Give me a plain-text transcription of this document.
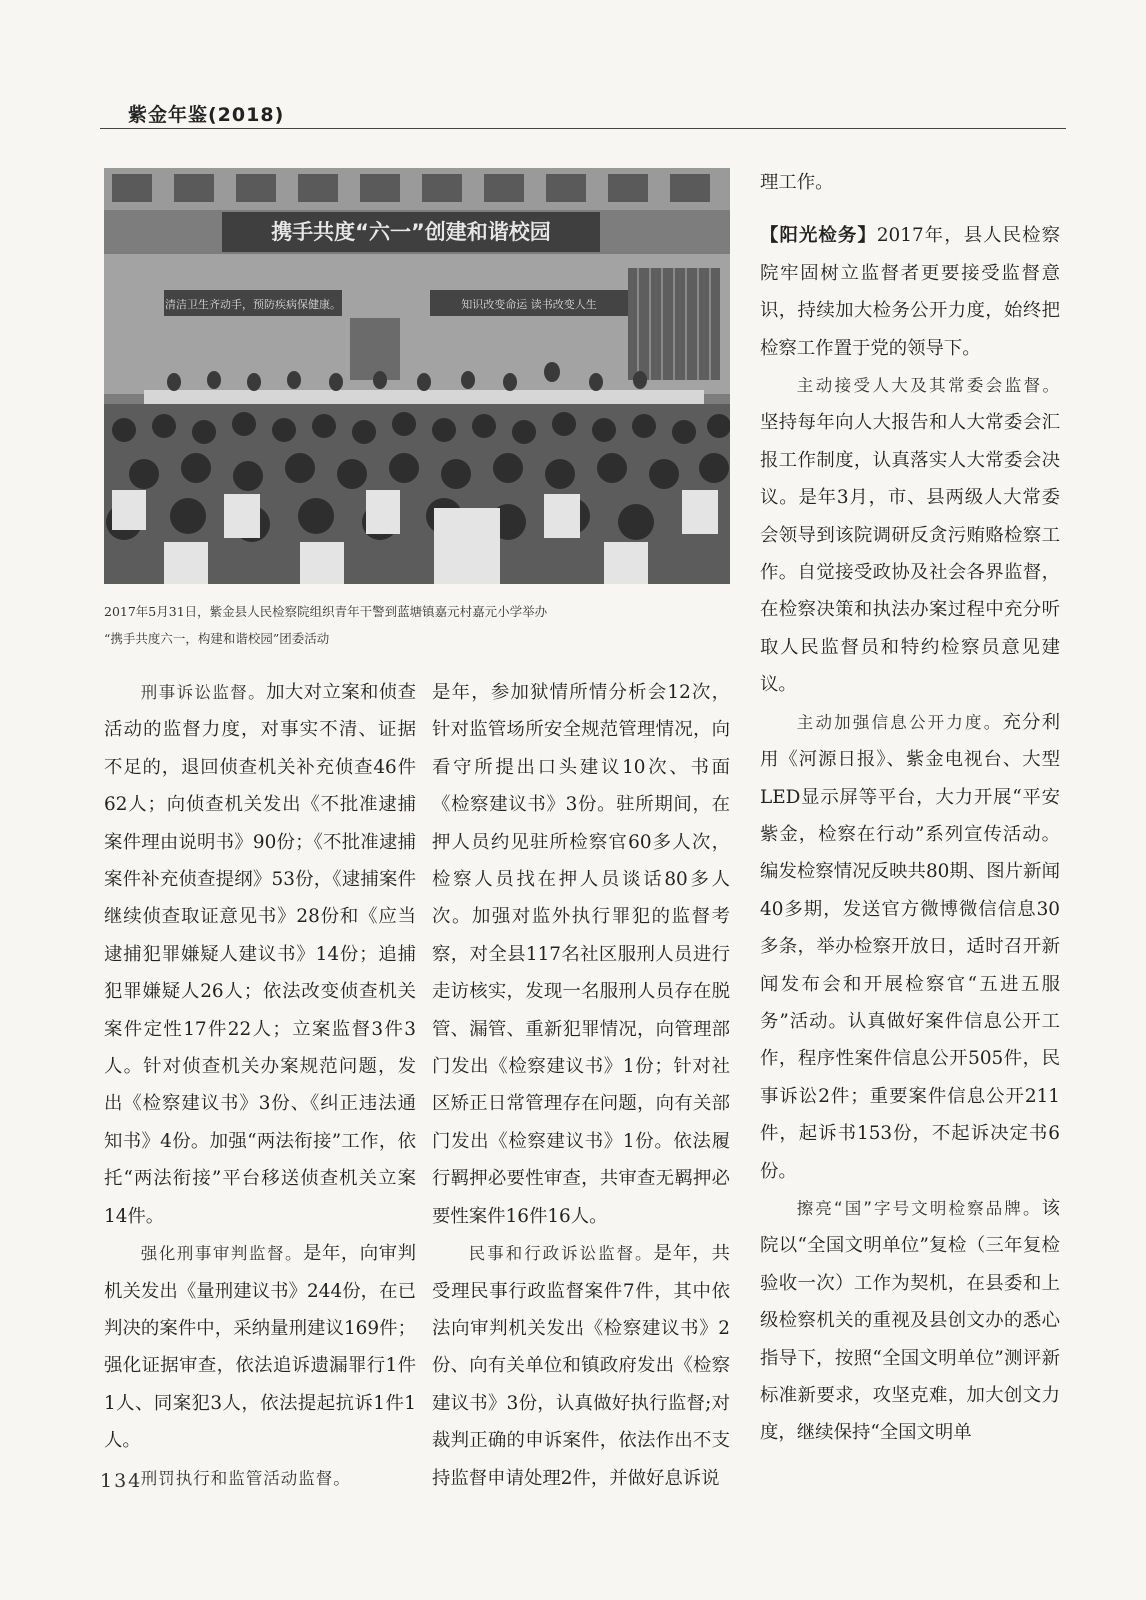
紫金年鉴(2018)
携手共度“六一”创建和谐校园
清洁卫生齐动手，预防疾病保健康。	知识改变命运 读书改变人生
2017年5月31日，紫金县人民检察院组织青年干警到蓝塘镇嘉元村嘉元小学举办
“携手共度六一，构建和谐校园”团委活动

刑事诉讼监督。加大对立案和侦查活动的监督力度，对事实不清、证据不足的，退回侦查机关补充侦查46件62人；向侦查机关发出《不批准逮捕案件理由说明书》90份；《不批准逮捕案件补充侦查提纲》53份，《逮捕案件继续侦查取证意见书》28份和《应当逮捕犯罪嫌疑人建议书》14份；追捕犯罪嫌疑人26人；依法改变侦查机关案件定性17件22人；立案监督3件3人。针对侦查机关办案规范问题，发出《检察建议书》3份、《纠正违法通知书》4份。加强“两法衔接”工作，依托“两法衔接”平台移送侦查机关立案14件。

强化刑事审判监督。是年，向审判机关发出《量刑建议书》244份，在已判决的案件中，采纳量刑建议169件；强化证据审查，依法追诉遗漏罪行1件1人、同案犯3人，依法提起抗诉1件1人。

刑罚执行和监管活动监督。

是年，参加狱情所情分析会12次，针对监管场所安全规范管理情况，向看守所提出口头建议10次、书面《检察建议书》3份。驻所期间，在押人员约见驻所检察官60多人次，检察人员找在押人员谈话80多人次。加强对监外执行罪犯的监督考察，对全县117名社区服刑人员进行走访核实，发现一名服刑人员存在脱管、漏管、重新犯罪情况，向管理部门发出《检察建议书》1份；针对社区矫正日常管理存在问题，向有关部门发出《检察建议书》1份。依法履行羁押必要性审查，共审查无羁押必要性案件16件16人。

民事和行政诉讼监督。是年，共受理民事行政监督案件7件，其中依法向审判机关发出《检察建议书》2份、向有关单位和镇政府发出《检察建议书》3份，认真做好执行监督;对裁判正确的申诉案件，依法作出不支持监督申请处理2件，并做好息诉说

理工作。

【阳光检务】2017年，县人民检察院牢固树立监督者更要接受监督意识，持续加大检务公开力度，始终把检察工作置于党的领导下。

主动接受人大及其常委会监督。坚持每年向人大报告和人大常委会汇报工作制度，认真落实人大常委会决议。是年3月，市、县两级人大常委会领导到该院调研反贪污贿赂检察工作。自觉接受政协及社会各界监督，在检察决策和执法办案过程中充分听取人民监督员和特约检察员意见建议。

主动加强信息公开力度。充分利用《河源日报》、紫金电视台、大型LED显示屏等平台，大力开展“平安紫金，检察在行动”系列宣传活动。编发检察情况反映共80期、图片新闻40多期，发送官方微博微信信息30多条，举办检察开放日，适时召开新闻发布会和开展检察官“五进五服务”活动。认真做好案件信息公开工作，程序性案件信息公开505件，民事诉讼2件；重要案件信息公开211件，起诉书153份，不起诉决定书6份。

擦亮“国”字号文明检察品牌。该院以“全国文明单位”复检（三年复检验收一次）工作为契机，在县委和上级检察机关的重视及县创文办的悉心指导下，按照“全国文明单位”测评新标准新要求，攻坚克难，加大创文力度，继续保持“全国文明单

134
